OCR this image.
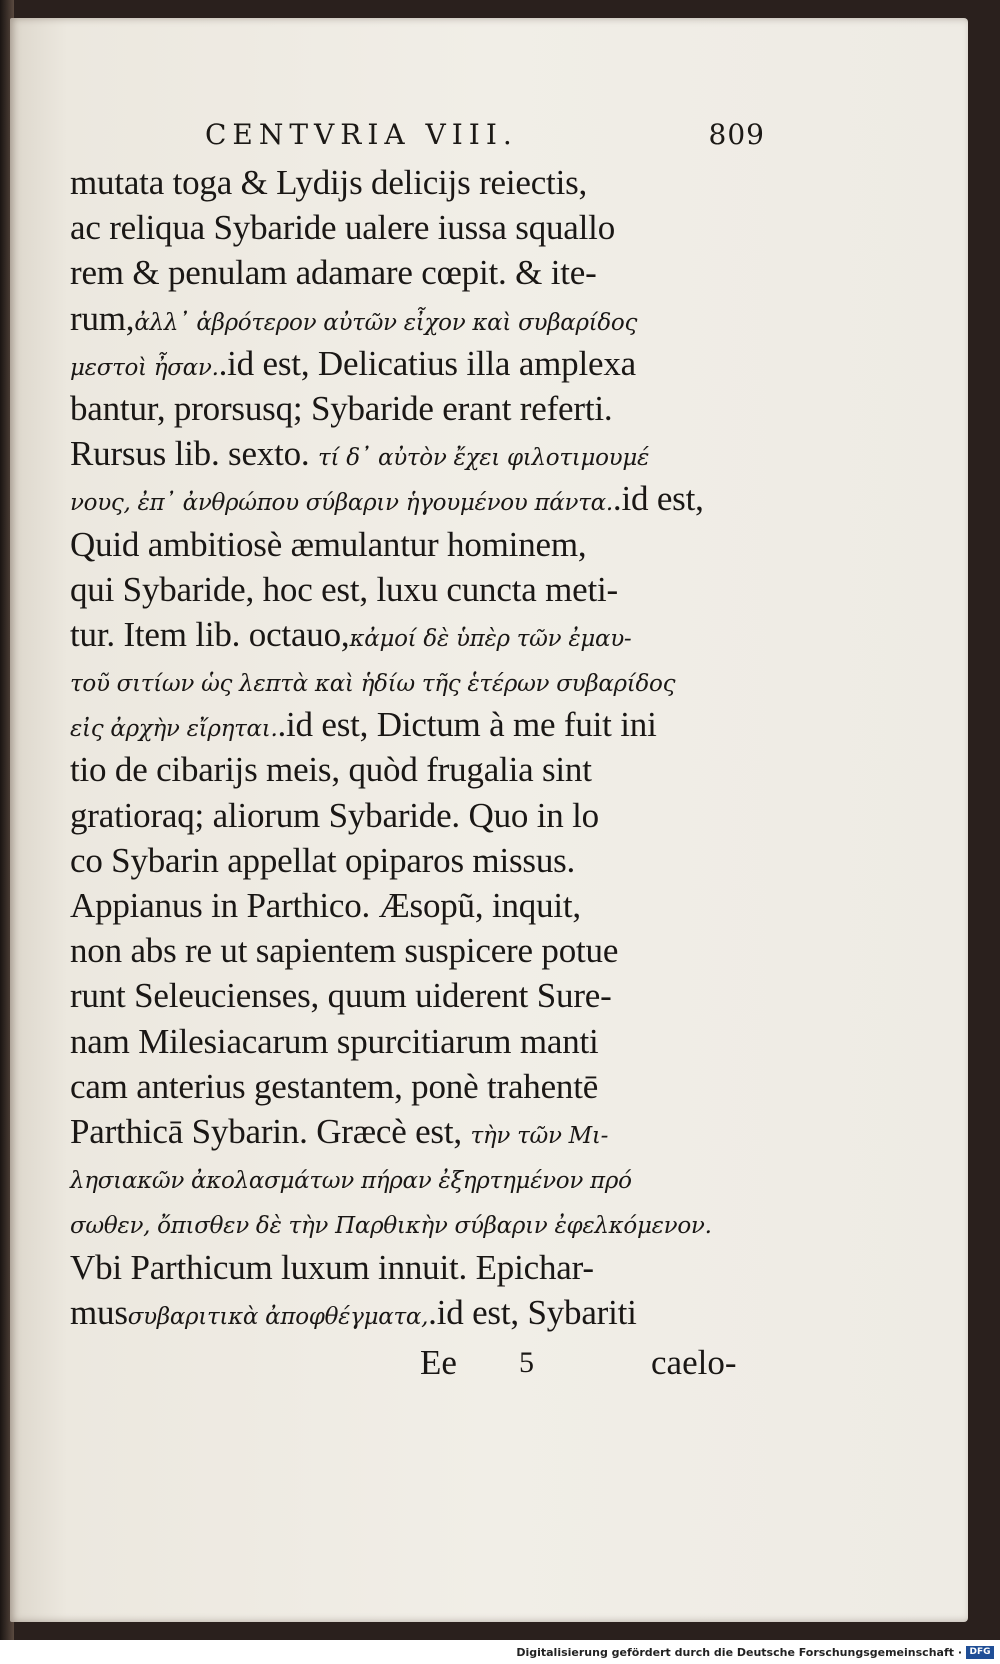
CENTVRIA VIII.	809
mutata toga & Lydijs delicijs reiectis,
ac reliqua Sybaride ualere iussa squallo
rem & penulam adamare cœpit. & ite-
rum,ἀλλ᾽ ἁβρότερον αὐτῶν εἶχον καὶ συβαρίδος
μεστοὶ ἦσαν..id est, Delicatius illa amplexa
bantur, prorsusq; Sybaride erant referti.
Rursus lib. sexto. τί δ᾽ αὐτὸν ἔχει φιλοτιμουμέ
νους, ἐπ᾽ ἀνθρώπου σύβαριν ἡγουμένου πάντα..id est,
Quid ambitiosè æmulantur hominem,
qui Sybaride, hoc est, luxu cuncta meti-
tur. Item lib. octauo,κἀμοί δὲ ὑπὲρ τῶν ἐμαυ-
τοῦ σιτίων ὡς λεπτὰ καὶ ἡδίω τῆς ἑτέρων συβαρίδος
εἰς ἀρχὴν εἴρηται..id est, Dictum à me fuit ini
tio de cibarijs meis, quòd frugalia sint
gratioraq; aliorum Sybaride. Quo in lo
co Sybarin appellat opiparos missus.
Appianus in Parthico. Æsopũ, inquit,
non abs re ut sapientem suspicere potue
runt Seleucienses, quum uiderent Sure-
nam Milesiacarum spurcitiarum manti
cam anterius gestantem, ponè trahentē
Parthicā Sybarin. Græcè est, τὴν τῶν Μι-
λησιακῶν ἀκολασμάτων πήραν ἐξηρτημένον πρό
σωθεν, ὄπισθεν δὲ τὴν Παρθικὴν σύβαριν ἐφελκόμενον.
Vbi Parthicum luxum innuit. Epichar-
musσυβαριτικὰ ἀποφθέγματα,.id est, Sybariti
Ee 5	caelo-
Digitalisierung gefördert durch die Deutsche Forschungsgemeinschaft · DFG
